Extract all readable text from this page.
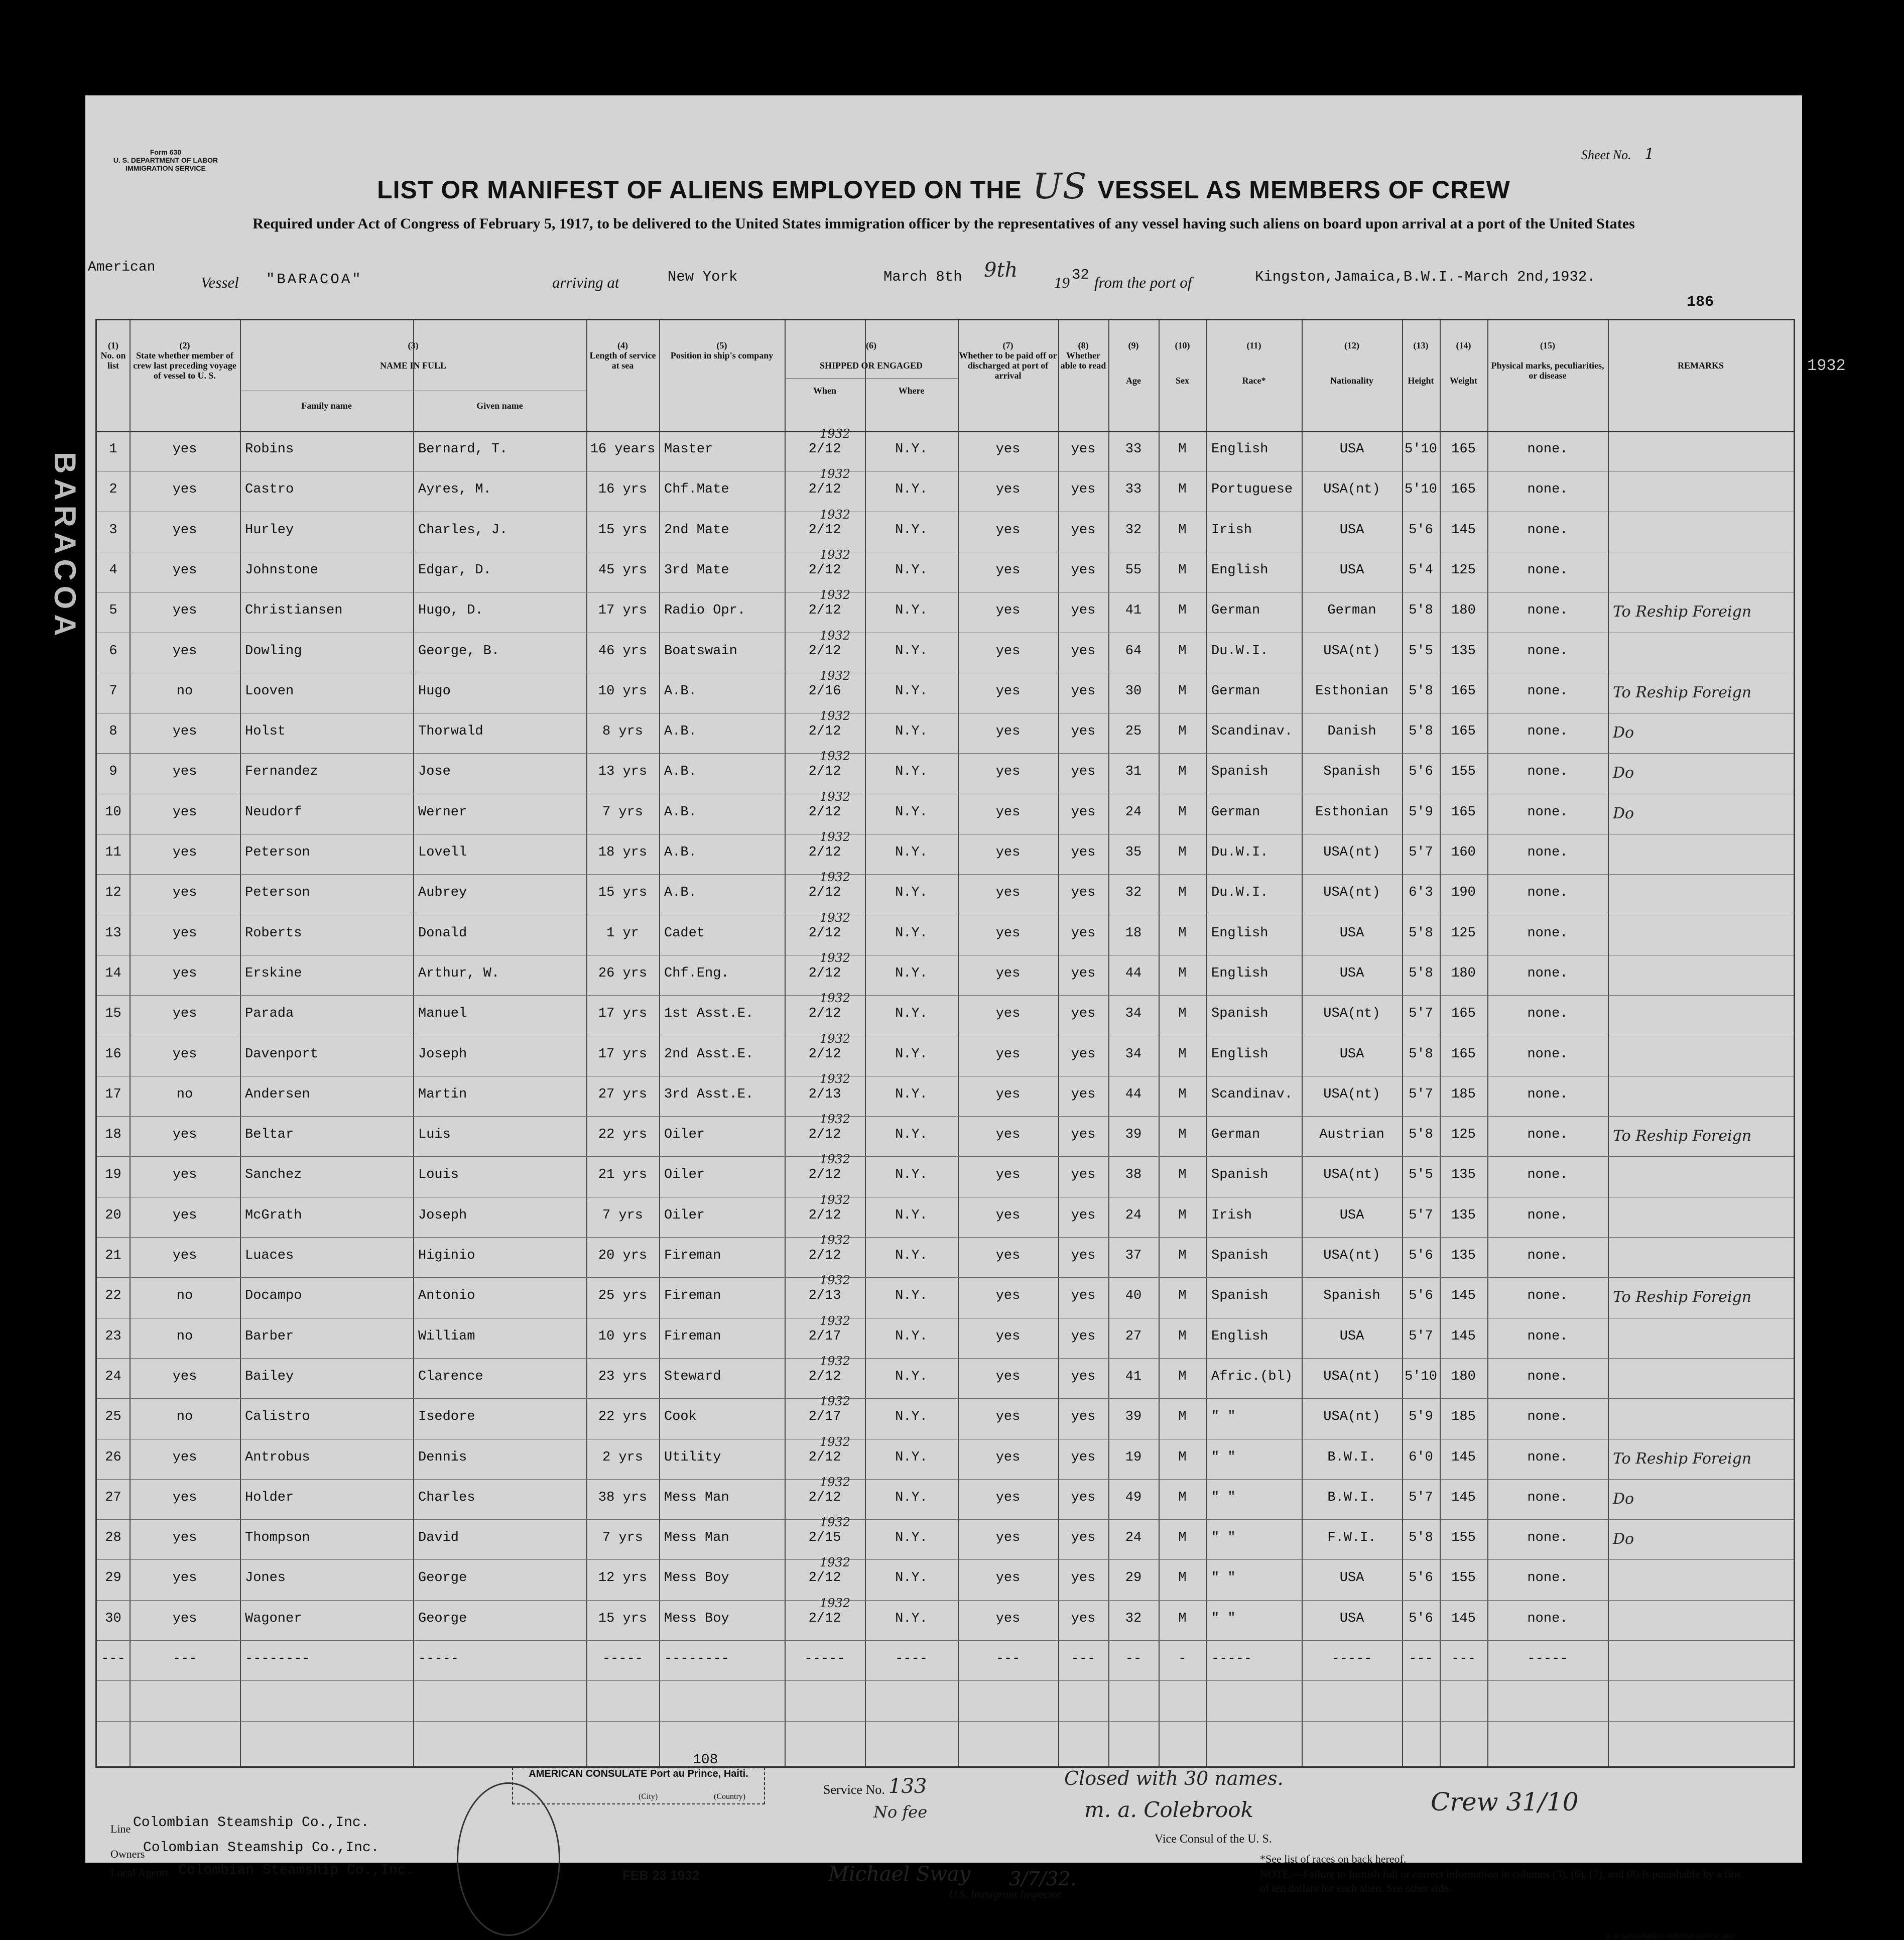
Form 630
U. S. DEPARTMENT OF LABOR
IMMIGRATION SERVICE
Sheet No. 1
LIST OR MANIFEST OF ALIENS EMPLOYED ON THE US VESSEL AS MEMBERS OF CREW
Required under Act of Congress of February 5, 1917, to be delivered to the United States immigration officer by the representatives of any vessel having such aliens on board upon arrival at a port of the United States
American
Vessel "BARACOA"	arriving at	New York	March 8th 9th
19 32 from the port of	Kingston,Jamaica,B.W.I.-March 2nd,1932.
186
(1)
No. on list
(2)
State whether member of crew last preceding voyage of vessel to U. S.
(3)
NAME IN FULL
Family name	Given name
(4)
Length of service at sea
(5)
Position in ship's company
(6)
SHIPPED OR ENGAGED
When	Where
(7)
Whether to be paid off or discharged at port of arrival
(8)
Whether able to read
(9)
Age
(10)
Sex
(11)
Race*
(12)
Nationality
(13)
Height
(14)
Weight
(15)
Physical marks, peculiarities, or disease
REMARKS
1	yes	Robins	Bernard, T.	16 years Master	2/12	N.Y.	yes	yes	33	M	English	USA	5'10	165	none.
1932
2	yes	Castro	Ayres, M.	16 yrs	Chf.Mate	2/12	N.Y.	yes	yes	33	M	Portuguese	USA(nt)	5'10	165	none.
1932
3	yes	Hurley	Charles, J.	15 yrs	2nd Mate	2/12	N.Y.	yes	yes	32	M	Irish	USA	5'6	145	none.
1932
4	yes	Johnstone	Edgar, D.	45 yrs	3rd Mate	2/12	N.Y.	yes	yes	55	M	English	USA	5'4	125	none.
1932
5	yes	Christiansen	Hugo, D.	17 yrs	Radio Opr.	2/12	N.Y.	yes	yes	41	M	German	German	5'8	180	none.	To Reship Foreign
1932
6	yes	Dowling	George, B.	46 yrs	Boatswain	2/12	N.Y.	yes	yes	64	M	Du.W.I.	USA(nt)	5'5	135	none.
1932
7	no	Looven	Hugo	10 yrs	A.B.	2/16	N.Y.	yes	yes	30	M	German	Esthonian	5'8	165	none.	To Reship Foreign
1932
8	yes	Holst	Thorwald	8 yrs	A.B.	2/12	N.Y.	yes	yes	25	M	Scandinav.	Danish	5'8	165	none.	Do
1932
9	yes	Fernandez	Jose	13 yrs	A.B.	2/12	N.Y.	yes	yes	31	M	Spanish	Spanish	5'6	155	none.	Do
1932
10	yes	Neudorf	Werner	7 yrs	A.B.	2/12	N.Y.	yes	yes	24	M	German	Esthonian	5'9	165	none.	Do
1932
11	yes	Peterson	Lovell	18 yrs	A.B.	2/12	N.Y.	yes	yes	35	M	Du.W.I.	USA(nt)	5'7	160	none.
1932
12	yes	Peterson	Aubrey	15 yrs	A.B.	2/12	N.Y.	yes	yes	32	M	Du.W.I.	USA(nt)	6'3	190	none.
1932
13	yes	Roberts	Donald	1 yr	Cadet	2/12	N.Y.	yes	yes	18	M	English	USA	5'8	125	none.
1932
14	yes	Erskine	Arthur, W.	26 yrs	Chf.Eng.	2/12	N.Y.	yes	yes	44	M	English	USA	5'8	180	none.
1932
15	yes	Parada	Manuel	17 yrs	1st Asst.E.	2/12	N.Y.	yes	yes	34	M	Spanish	USA(nt)	5'7	165	none.
1932
16	yes	Davenport	Joseph	17 yrs	2nd Asst.E.	2/12	N.Y.	yes	yes	34	M	English	USA	5'8	165	none.
1932
17	no	Andersen	Martin	27 yrs	3rd Asst.E.	2/13	N.Y.	yes	yes	44	M	Scandinav.	USA(nt)	5'7	185	none.
1932
18	yes	Beltar	Luis	22 yrs	Oiler	2/12	N.Y.	yes	yes	39	M	German	Austrian	5'8	125	none.	To Reship Foreign
1932
19	yes	Sanchez	Louis	21 yrs	Oiler	2/12	N.Y.	yes	yes	38	M	Spanish	USA(nt)	5'5	135	none.
1932
20	yes	McGrath	Joseph	7 yrs	Oiler	2/12	N.Y.	yes	yes	24	M	Irish	USA	5'7	135	none.
1932
21	yes	Luaces	Higinio	20 yrs	Fireman	2/12	N.Y.	yes	yes	37	M	Spanish	USA(nt)	5'6	135	none.
1932
22	no	Docampo	Antonio	25 yrs	Fireman	2/13	N.Y.	yes	yes	40	M	Spanish	Spanish	5'6	145	none.	To Reship Foreign
1932
23	no	Barber	William	10 yrs	Fireman	2/17	N.Y.	yes	yes	27	M	English	USA	5'7	145	none.
1932
24	yes	Bailey	Clarence	23 yrs	Steward	2/12	N.Y.	yes	yes	41	M	Afric.(bl)	USA(nt)	5'10	180	none.
1932
25	no	Calistro	Isedore	22 yrs	Cook	2/17	N.Y.	yes	yes	39	M	" "	USA(nt)	5'9	185	none.
1932
26	yes	Antrobus	Dennis	2 yrs	Utility	2/12	N.Y.	yes	yes	19	M	" "	B.W.I.	6'0	145	none.	To Reship Foreign
1932
27	yes	Holder	Charles	38 yrs	Mess Man	2/12	N.Y.	yes	yes	49	M	" "	B.W.I.	5'7	145	none.	Do
1932
28	yes	Thompson	David	7 yrs	Mess Man	2/15	N.Y.	yes	yes	24	M	" "	F.W.I.	5'8	155	none.	Do
1932
29	yes	Jones	George	12 yrs	Mess Boy	2/12	N.Y.	yes	yes	29	M	" "	USA	5'6	155	none.
1932
30	yes	Wagoner	George	15 yrs	Mess Boy	2/12	N.Y.	yes	yes	32	M	" "	USA	5'6	145	none.
1932
---	---	--------	-----	-----	--------	-----	----	---	---	--	-	-----	-----	---	---	-----
Line Colombian Steamship Co.,Inc.
Owners
Colombian Steamship Co.,Inc.
AMERICAN CONSULATE Port au Prince, Haiti.
(City)	(Country)
108
FEB 23 1932
Service No. 133
No fee
Closed with 30 names.
m. a. Colebrook
Vice Consul of the U. S.
Crew 31/10
*See list of races on back hereof.
NOTE.—Failure to furnish full or correct information in columns (3), (6), (7), and (8) is punishable by a fine of ten dollars for each alien. See other side.
Local Agents Colombian Steamship Co.,Inc.	Michael Sway
U.S. Immigrant Inspector.
3/7/32.
U. S. GOVERNMENT PRINTING OFFICE: 1932
BARACOA
1932
